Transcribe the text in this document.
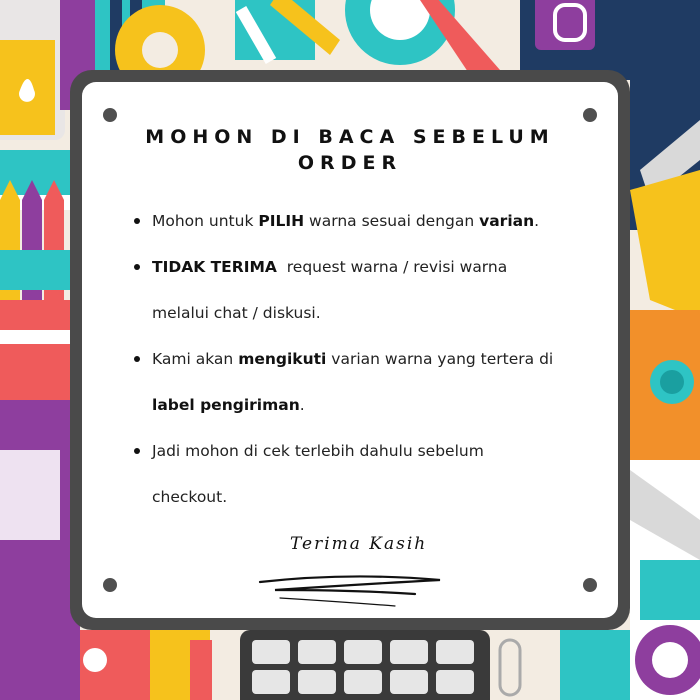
MOHON DI BACA SEBELUM
ORDER
Mohon untuk PILIH warna sesuai dengan varian.
TIDAK TERIMA  request warna / revisi warna
melalui chat / diskusi.
Kami akan mengikuti varian warna yang tertera di
label pengiriman.
Jadi mohon di cek terlebih dahulu sebelum
checkout.
Terima Kasih
